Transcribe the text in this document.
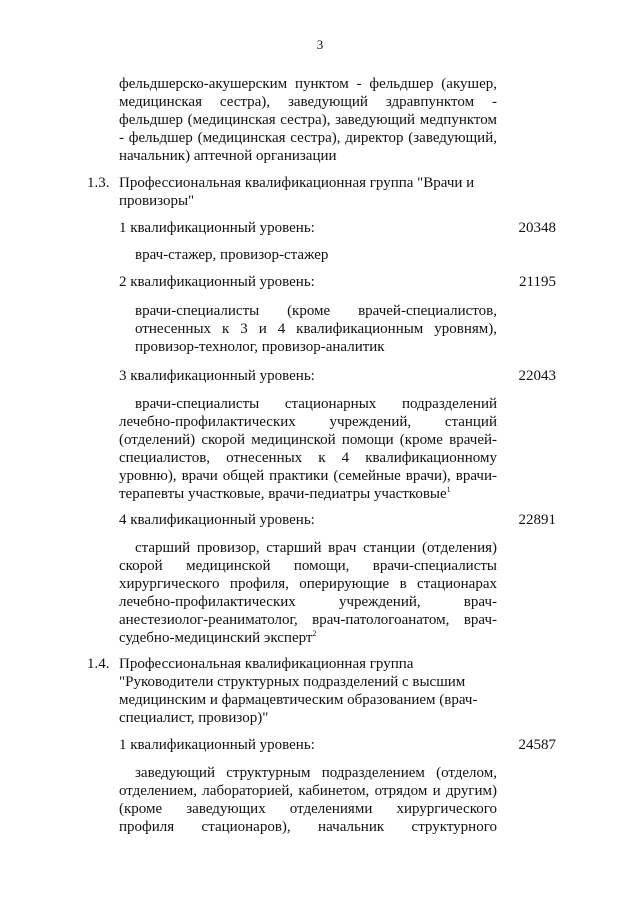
3
фельдшерско-акушерским пунктом - фельдшер (акушер,
медицинская сестра), заведующий здравпунктом -
фельдшер (медицинская сестра), заведующий медпунктом
- фельдшер (медицинская сестра), директор (заведующий,
начальник) аптечной организации
1.3. Профессиональная квалификационная группа "Врачи и
провизоры"
1 квалификационный уровень:	20348
врач-стажер, провизор-стажер
2 квалификационный уровень:	21195
врачи-специалисты (кроме врачей-специалистов,
отнесенных к 3 и 4 квалификационным уровням),
провизор-технолог, провизор-аналитик
3 квалификационный уровень:	22043
врачи-специалисты стационарных подразделений
лечебно-профилактических учреждений, станций
(отделений) скорой медицинской помощи (кроме врачей-
специалистов, отнесенных к 4 квалификационному
уровню), врачи общей практики (семейные врачи), врачи-
терапевты участковые, врачи-педиатры участковые$^1$
4 квалификационный уровень:	22891
старший провизор, старший врач станции (отделения)
скорой медицинской помощи, врачи-специалисты
хирургического профиля, оперирующие в стационарах
лечебно-профилактических учреждений, врач-
анестезиолог-реаниматолог, врач-патологоанатом, врач-
судебно-медицинский эксперт$^2$
1.4. Профессиональная квалификационная группа
"Руководители структурных подразделений с высшим
медицинским и фармацевтическим образованием (врач-
специалист, провизор)"
1 квалификационный уровень:	24587
заведующий структурным подразделением (отделом,
отделением, лабораторией, кабинетом, отрядом и другим)
(кроме заведующих отделениями хирургического
профиля стационаров), начальник структурного
